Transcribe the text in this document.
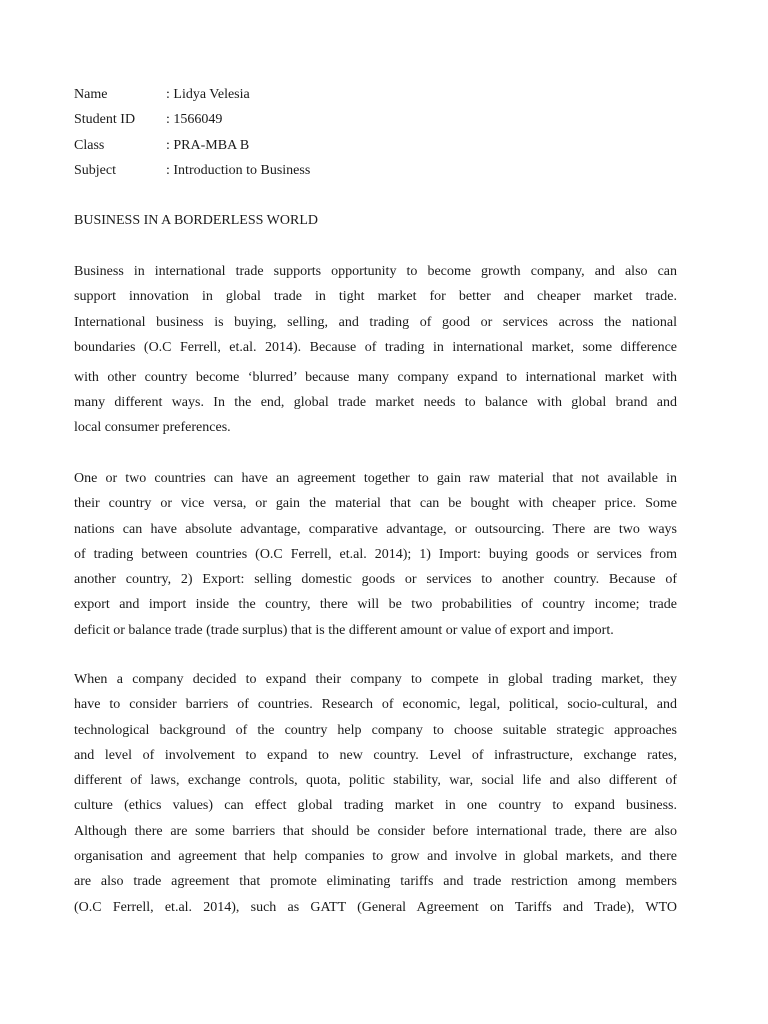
Name	: Lidya Velesia
Student ID	: 1566049
Class	: PRA-MBA B
Subject	: Introduction to Business
BUSINESS IN A BORDERLESS WORLD
Business in international trade supports opportunity to become growth company, and also can
support innovation in global trade in tight market for better and cheaper market trade.
International business is buying, selling, and trading of good or services across the national
boundaries (O.C Ferrell, et.al. 2014). Because of trading in international market, some difference
with other country become ‘blurred’ because many company expand to international market with
many different ways. In the end, global trade market needs to balance with global brand and
local consumer preferences.
One or two countries can have an agreement together to gain raw material that not available in
their country or vice versa, or gain the material that can be bought with cheaper price. Some
nations can have absolute advantage, comparative advantage, or outsourcing. There are two ways
of trading between countries (O.C Ferrell, et.al. 2014); 1) Import: buying goods or services from
another country, 2) Export: selling domestic goods or services to another country. Because of
export and import inside the country, there will be two probabilities of country income; trade
deficit or balance trade (trade surplus) that is the different amount or value of export and import.
When a company decided to expand their company to compete in global trading market, they
have to consider barriers of countries. Research of economic, legal, political, socio-cultural, and
technological background of the country help company to choose suitable strategic approaches
and level of involvement to expand to new country. Level of infrastructure, exchange rates,
different of laws, exchange controls, quota, politic stability, war, social life and also different of
culture (ethics values) can effect global trading market in one country to expand business.
Although there are some barriers that should be consider before international trade, there are also
organisation and agreement that help companies to grow and involve in global markets, and there
are also trade agreement that promote eliminating tariffs and trade restriction among members
(O.C Ferrell, et.al. 2014), such as GATT (General Agreement on Tariffs and Trade), WTO
